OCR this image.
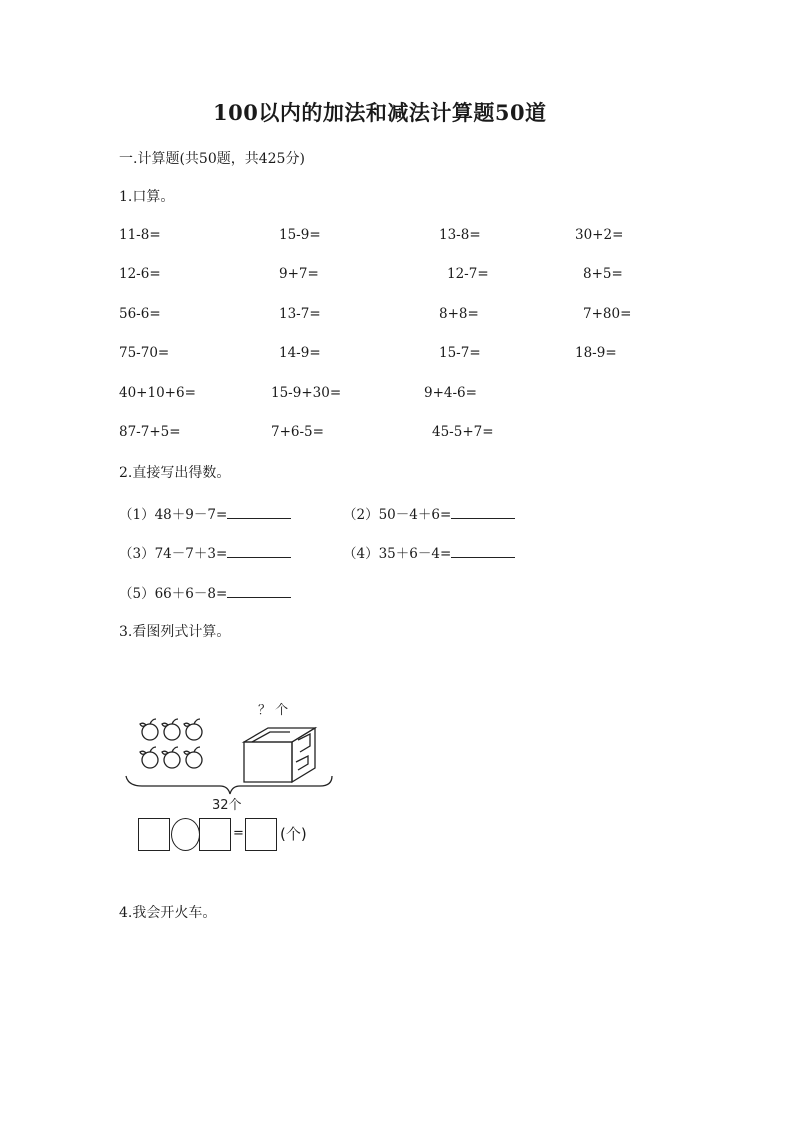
100以内的加法和减法计算题50道
一.计算题(共50题，共425分)
1.口算。
11-8=	15-9=	13-8=	30+2=
12-6=	9+7=	12-7=	8+5=
56-6=	13-7=	8+8=	7+80=
75-70=	14-9=	15-7=	18-9=
40+10+6=	15-9+30=	9+4-6=
87-7+5=	7+6-5=	45-5+7=
2.直接写出得数。
（1）48＋9－7=	（2）50－4＋6=
（3）74－7＋3=	（4）35＋6－4=
（5）66＋6－8=
3.看图列式计算。
？ 个
32个
= (个)
4.我会开火车。
